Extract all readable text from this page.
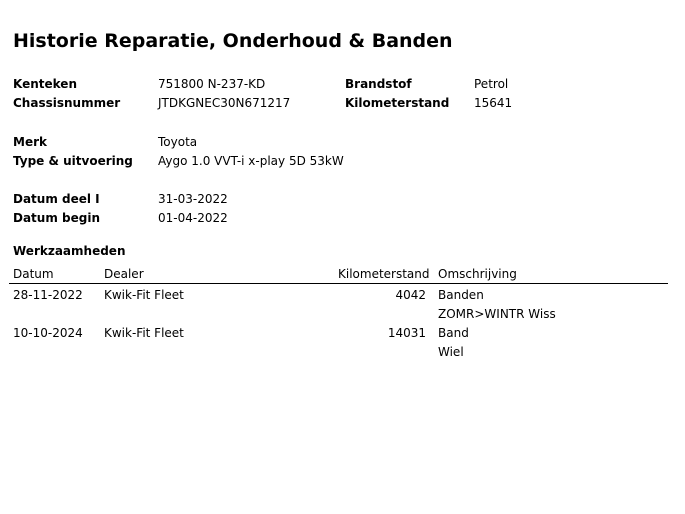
Historie Reparatie, Onderhoud & Banden
Kenteken	751800 N-237-KD	Brandstof	Petrol
Chassisnummer	JTDKGNEC30N671217	Kilometerstand 15641
Merk	Toyota
Type & uitvoering Aygo 1.0 VVT-i x-play 5D 53kW
Datum deel I	31-03-2022
Datum begin	01-04-2022
Werkzaamheden
Datum	Dealer	Kilometerstand Omschrijving
28-11-2022 Kwik-Fit Fleet	4042 Banden
ZOMR>WINTR Wiss
10-10-2024 Kwik-Fit Fleet	14031 Band
Wiel
